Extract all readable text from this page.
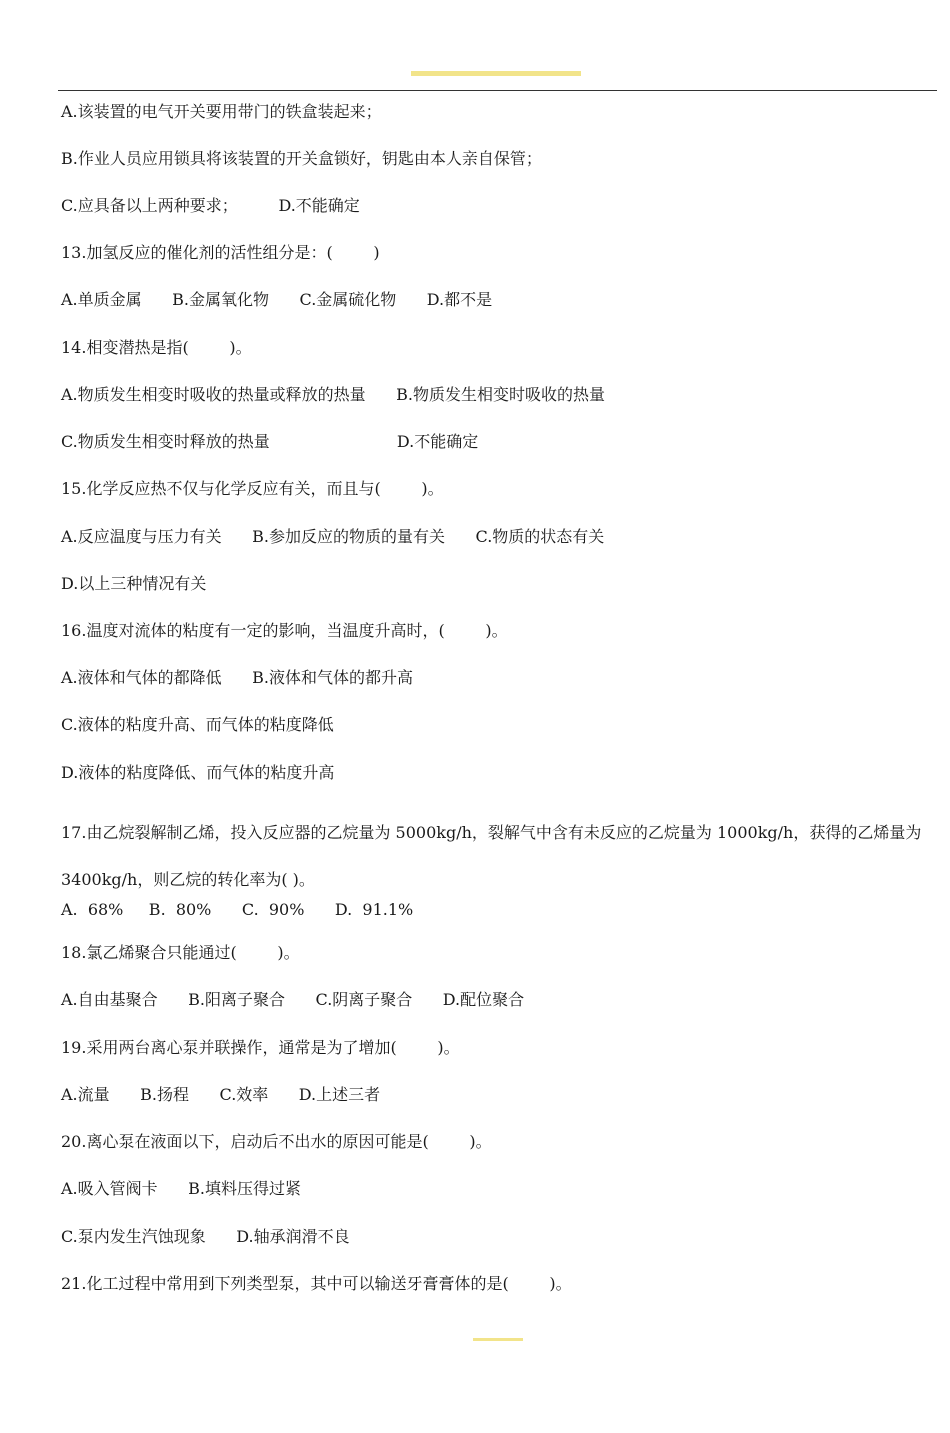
A.该装置的电气开关要用带门的铁盒装起来；
B.作业人员应用锁具将该装置的开关盒锁好，钥匙由本人亲自保管；
C.应具备以上两种要求；        D.不能确定
13.加氢反应的催化剂的活性组分是：(        )
A.单质金属      B.金属氧化物      C.金属硫化物      D.都不是
14.相变潜热是指(        )。
A.物质发生相变时吸收的热量或释放的热量      B.物质发生相变时吸收的热量
C.物质发生相变时释放的热量                         D.不能确定
15.化学反应热不仅与化学反应有关，而且与(        )。
A.反应温度与压力有关      B.参加反应的物质的量有关      C.物质的状态有关
D.以上三种情况有关
16.温度对流体的粘度有一定的影响，当温度升高时，(        )。
A.液体和气体的都降低      B.液体和气体的都升高
C.液体的粘度升高、而气体的粘度降低
D.液体的粘度降低、而气体的粘度升高
17.由乙烷裂解制乙烯，投入反应器的乙烷量为 5000kg/h，裂解气中含有未反应的乙烷量为 1000kg/h，获得的乙烯量为 3400kg/h，则乙烷的转化率为( )。
A.  68%     B.  80%      C.  90%      D.  91.1%
18.氯乙烯聚合只能通过(        )。
A.自由基聚合      B.阳离子聚合      C.阴离子聚合      D.配位聚合
19.采用两台离心泵并联操作，通常是为了增加(        )。
A.流量      B.扬程      C.效率      D.上述三者
20.离心泵在液面以下，启动后不出水的原因可能是(        )。
A.吸入管阀卡      B.填料压得过紧
C.泵内发生汽蚀现象      D.轴承润滑不良
21.化工过程中常用到下列类型泵，其中可以输送牙膏膏体的是(        )。
